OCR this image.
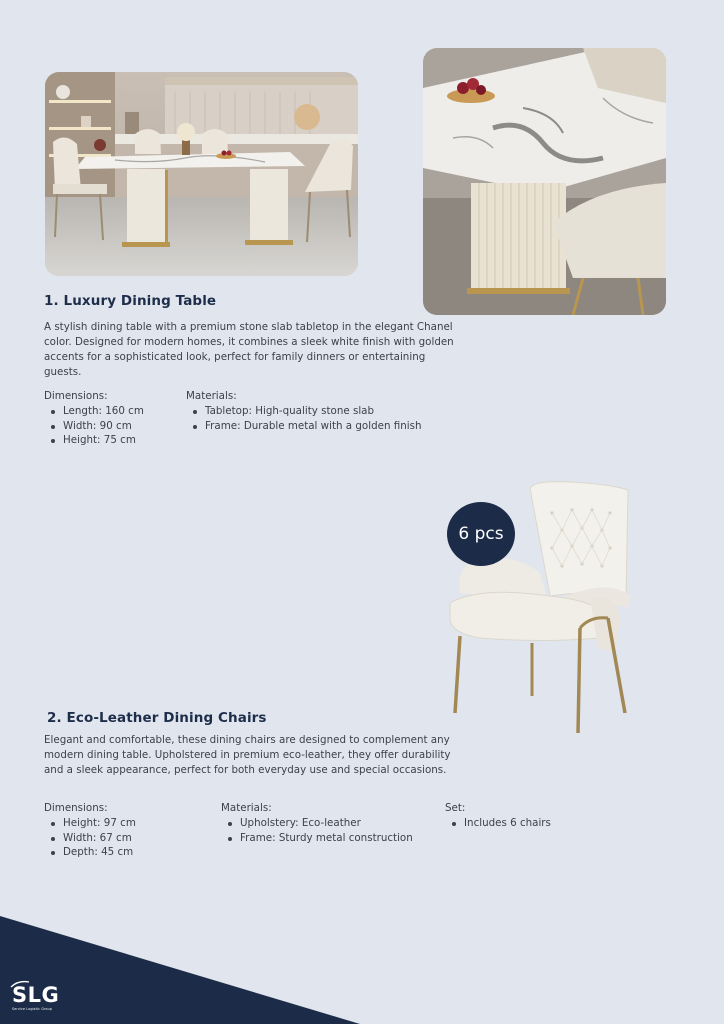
1. Luxury Dining Table

A stylish dining table with a premium stone slab tabletop in the elegant Chanel color. Designed for modern homes, it combines a sleek white finish with golden accents for a sophisticated look, perfect for family dinners or entertaining guests.

Dimensions:
Length: 160 cm
Width: 90 cm
Height: 75 cm
Materials:
Tabletop: High-quality stone slab
Frame: Durable metal with a golden finish
6 pcs
2. Eco-Leather Dining Chairs

Elegant and comfortable, these dining chairs are designed to complement any modern dining table. Upholstered in premium eco-leather, they offer durability and a sleek appearance, perfect for both everyday use and special occasions.

Dimensions:
Height: 97 cm
Width: 67 cm
Depth: 45 cm
Materials:
Upholstery: Eco-leather
Frame: Sturdy metal construction
Set:
Includes 6 chairs
SLG
Service Logistic Group
